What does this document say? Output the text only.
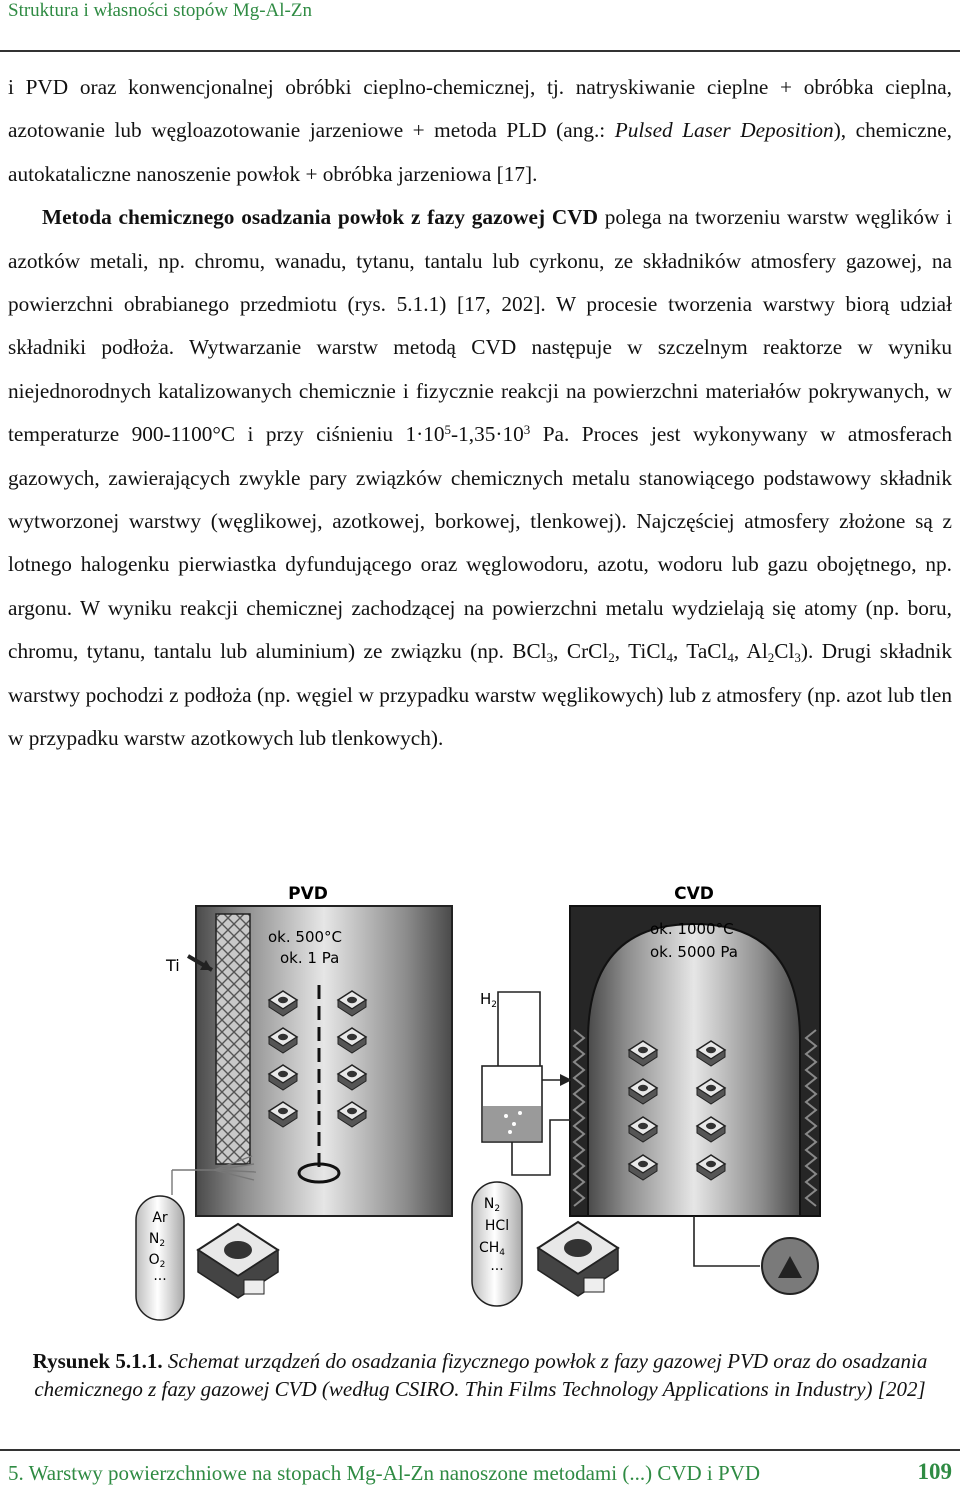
Struktura i własności stopów Mg-Al-Zn

i PVD oraz konwencjonalnej obróbki cieplno-chemicznej, tj. natryskiwanie cieplne + obróbka cieplna, azotowanie lub węgloazotowanie jarzeniowe + metoda PLD (ang.: Pulsed Laser Deposition), chemiczne, autokataliczne nanoszenie powłok + obróbka jarzeniowa [17].

Metoda chemicznego osadzania powłok z fazy gazowej CVD polega na tworzeniu warstw węglików i azotków metali, np. chromu, wanadu, tytanu, tantalu lub cyrkonu, ze składników atmosfery gazowej, na powierzchni obrabianego przedmiotu (rys. 5.1.1) [17, 202]. W procesie tworzenia warstwy biorą udział składniki podłoża. Wytwarzanie warstw metodą CVD następuje w szczelnym reaktorze w wyniku niejednorodnych katalizowanych chemicznie i fizycznie reakcji na powierzchni materiałów pokrywanych, w temperaturze 900-1100°C i przy ciśnieniu $1\cdot 10^5-1,35\cdot 10^3$ Pa. Proces jest wykonywany w atmosferach gazowych, zawierających zwykle pary związków chemicznych metalu stanowiącego podstawowy składnik wytworzonej warstwy (węglikowej, azotkowej, borkowej, tlenkowej). Najczęściej atmosfery złożone są z lotnego halogenku pierwiastka dyfundującego oraz węglowodoru, azotu, wodoru lub gazu obojętnego, np. argonu. W wyniku reakcji chemicznej zachodzącej na powierzchni metalu wydzielają się atomy (np. boru, chromu, tytanu, tantalu lub aluminium) ze związku (np. BCl$_3$, CrCl$_2$, TiCl$_4$, TaCl$_4$, $Al_2Cl_3$). Drugi składnik warstwy pochodzi z podłoża (np. węgiel w przypadku warstw węglikowych) lub z atmosfery (np. azot lub tlen w przypadku warstw azotkowych lub tlenkowych).

PVD
ok. 500°C
ok. 1 Pa
Ti
Ar
$N_2$
$O_2$
...
CVD
ok. 1000°C
ok. 5000 Pa
$H_2$
$N_2$
HCl
$CH_4$
...
Rysunek 5.1.1. Schemat urządzeń do osadzania fizycznego powłok z fazy gazowej PVD oraz do osadzania chemicznego z fazy gazowej CVD (według CSIRO. Thin Films Technology Applications in Industry) [202]
5. Warstwy powierzchniowe na stopach Mg-Al-Zn nanoszone metodami (...) CVD i PVD	109
